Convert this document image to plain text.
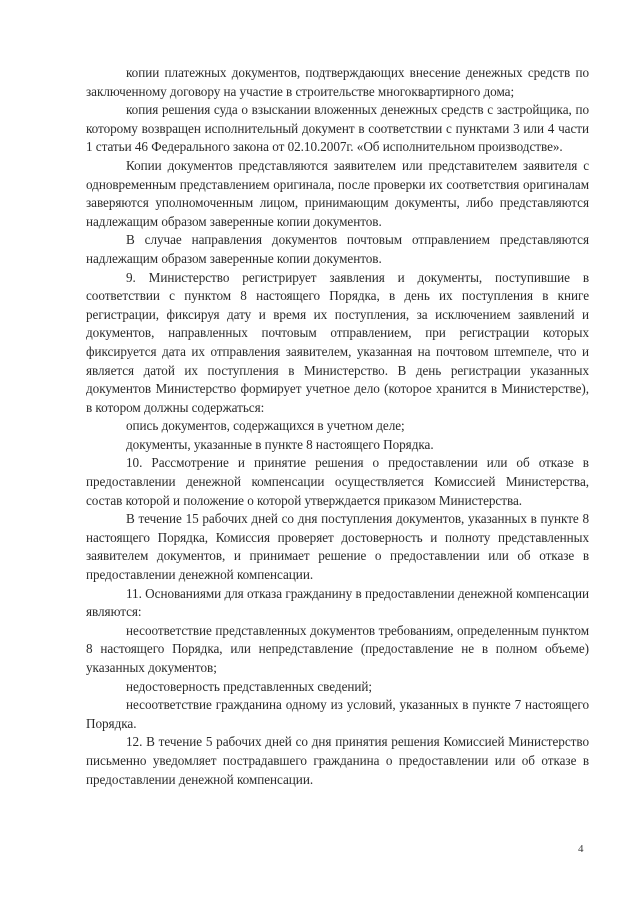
копии платежных документов, подтверждающих внесение денежных средств по заключенному договору на участие в строительстве многоквартирного дома;

копия решения суда о взыскании вложенных денежных средств с застройщика, по которому возвращен исполнительный документ в соответствии с пунктами 3 или 4 части 1 статьи 46 Федерального закона от 02.10.2007г. «Об исполнительном производстве».

Копии документов представляются заявителем или представителем заявителя с одновременным представлением оригинала, после проверки их соответствия оригиналам заверяются уполномоченным лицом, принимающим документы, либо представляются надлежащим образом заверенные копии документов.

В случае направления документов почтовым отправлением представляются надлежащим образом заверенные копии документов.

9. Министерство регистрирует заявления и документы, поступившие в соответствии с пунктом 8 настоящего Порядка, в день их поступления в книге регистрации, фиксируя дату и время их поступления, за исключением заявлений и документов, направленных почтовым отправлением, при регистрации которых фиксируется дата их отправления заявителем, указанная на почтовом штемпеле, что и является датой их поступления в Министерство. В день регистрации указанных документов Министерство формирует учетное дело (которое хранится в Министерстве), в котором должны содержаться:

опись документов, содержащихся в учетном деле;

документы, указанные в пункте 8 настоящего Порядка.

10. Рассмотрение и принятие решения о предоставлении или об отказе в предоставлении денежной компенсации осуществляется Комиссией Министерства, состав которой и положение о которой утверждается приказом Министерства.

В течение 15 рабочих дней со дня поступления документов, указанных в пункте 8 настоящего Порядка, Комиссия проверяет достоверность и полноту представленных заявителем документов, и принимает решение о предоставлении или об отказе в предоставлении денежной компенсации.

11. Основаниями для отказа гражданину в предоставлении денежной компенсации являются:

несоответствие представленных документов требованиям, определенным пунктом 8 настоящего Порядка, или непредставление (предоставление не в полном объеме) указанных документов;

недостоверность представленных сведений;

несоответствие гражданина одному из условий, указанных в пункте 7 настоящего Порядка.

12. В течение 5 рабочих дней со дня принятия решения Комиссией Министерство письменно уведомляет пострадавшего гражданина о предоставлении или об отказе в предоставлении денежной компенсации.

4
